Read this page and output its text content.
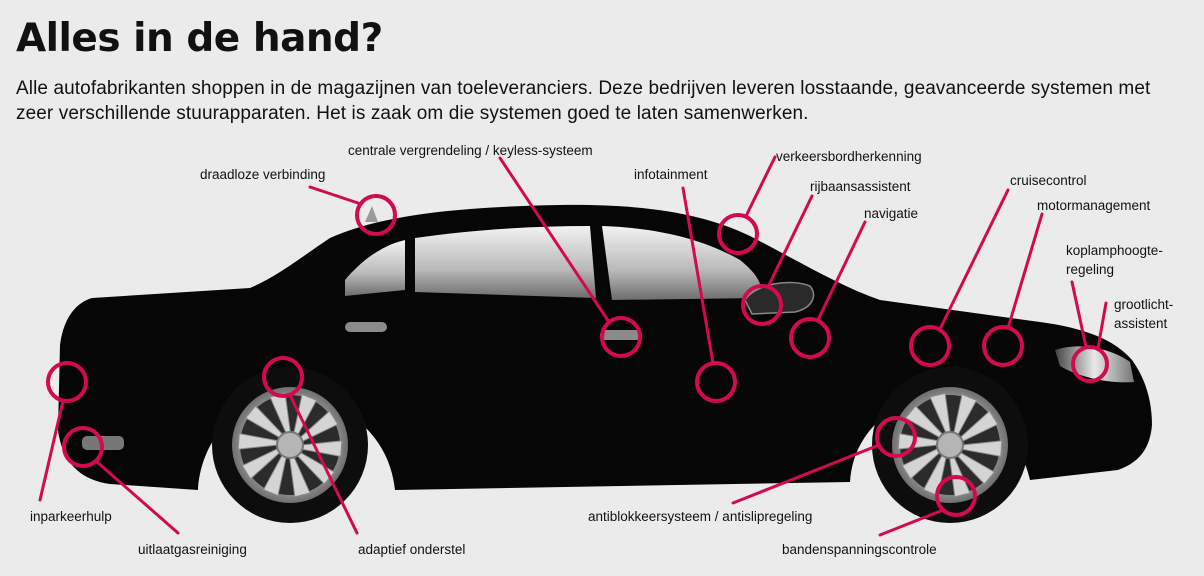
Alles in de hand?

Alle autofabrikanten shoppen in de magazijnen van toeleveranciers. Deze bedrijven leveren losstaande, geavanceerde systemen met zeer verschillende stuurapparaten. Het is zaak om die systemen goed te laten samenwerken.

draadloze verbinding
centrale vergrendeling / keyless-systeem
infotainment
verkeersbordherkenning
rijbaansassistent
navigatie
cruisecontrol
motormanagement
koplamphoogte-
regeling
grootlicht-
assistent
inparkeerhulp
uitlaatgasreiniging	adaptief onderstel
antiblokkeersysteem / antislipregeling
bandenspanningscontrole
